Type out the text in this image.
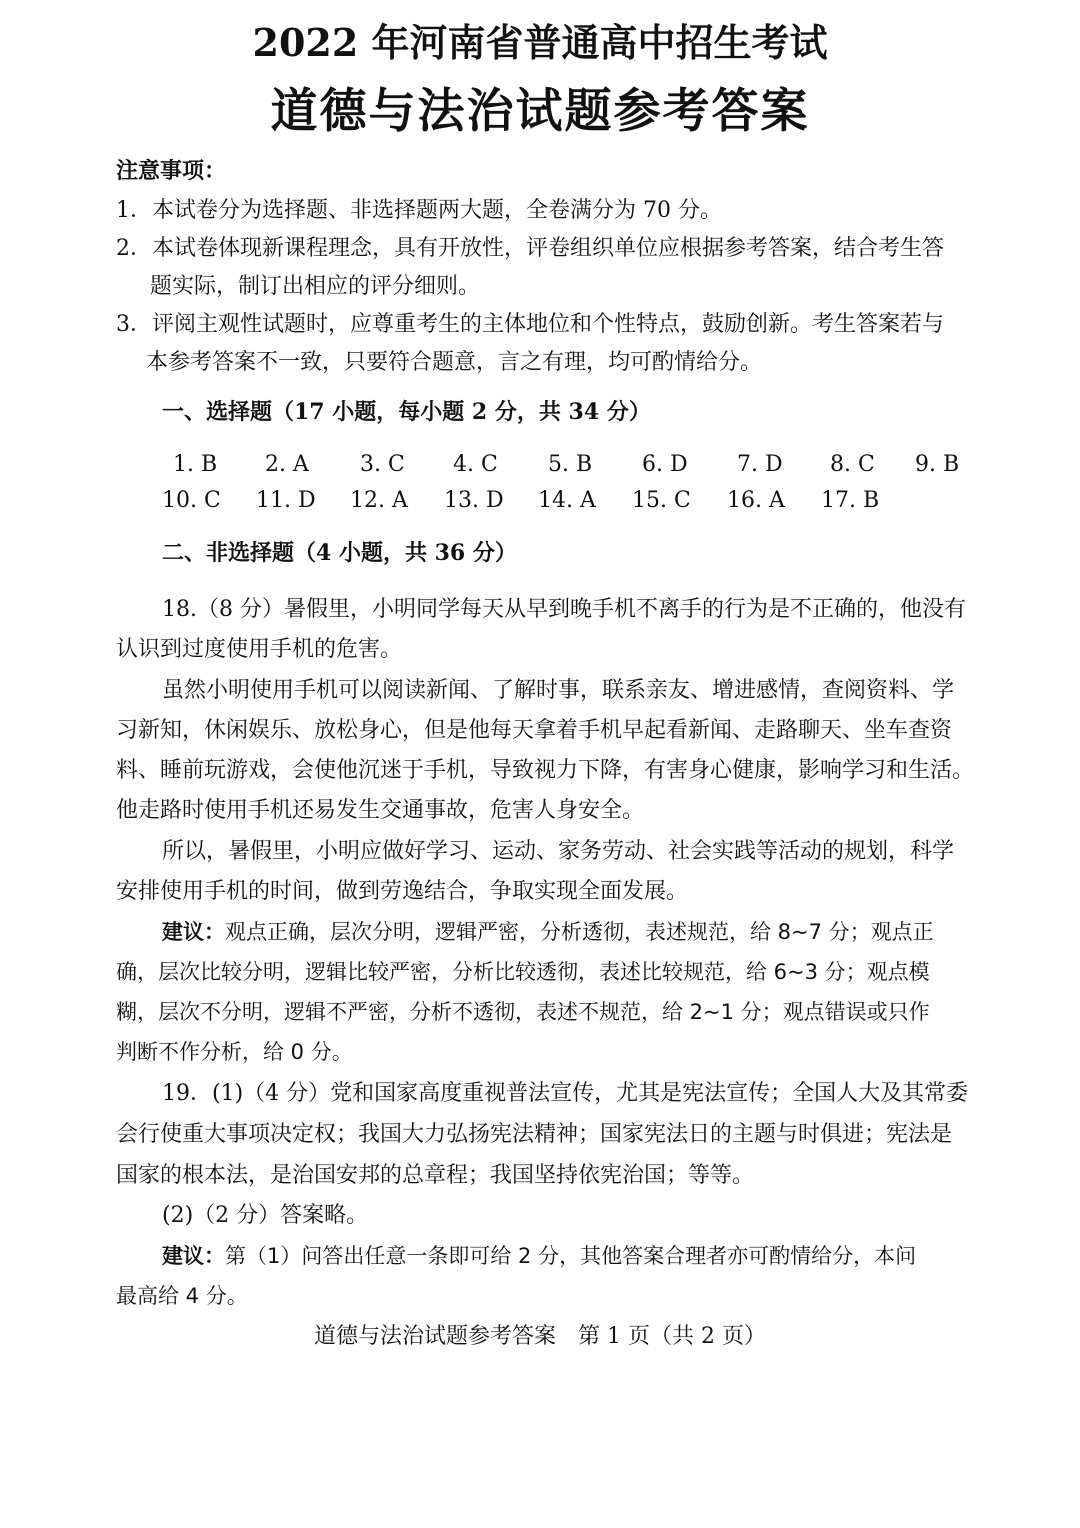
2022 年河南省普通高中招生考试
道德与法治试题参考答案
注意事项：
1．本试卷分为选择题、非选择题两大题，全卷满分为 70 分。
2．本试卷体现新课程理念，具有开放性，评卷组织单位应根据参考答案，结合考生答
题实际，制订出相应的评分细则。
3．评阅主观性试题时，应尊重考生的主体地位和个性特点，鼓励创新。考生答案若与
本参考答案不一致，只要符合题意，言之有理，均可酌情给分。
一、选择题（17 小题，每小题 2 分，共 34 分）
1. B 2. A 3. C 4. C 5. B 6. D 7. D 8. C 9. B
10. C 11. D 12. A 13. D 14. A 15. C 16. A 17. B
二、非选择题（4 小题，共 36 分）
18.（8 分）暑假里，小明同学每天从早到晚手机不离手的行为是不正确的，他没有
认识到过度使用手机的危害。
虽然小明使用手机可以阅读新闻、了解时事，联系亲友、增进感情，查阅资料、学
习新知，休闲娱乐、放松身心，但是他每天拿着手机早起看新闻、走路聊天、坐车查资
料、睡前玩游戏，会使他沉迷于手机，导致视力下降，有害身心健康，影响学习和生活。
他走路时使用手机还易发生交通事故，危害人身安全。
所以，暑假里，小明应做好学习、运动、家务劳动、社会实践等活动的规划，科学
安排使用手机的时间，做到劳逸结合，争取实现全面发展。
建议：观点正确，层次分明，逻辑严密，分析透彻，表述规范，给 8~7 分；观点正
确，层次比较分明，逻辑比较严密，分析比较透彻，表述比较规范，给 6~3 分；观点模
糊，层次不分明，逻辑不严密，分析不透彻，表述不规范，给 2~1 分；观点错误或只作
判断不作分析，给 0 分。
19．(1)（4 分）党和国家高度重视普法宣传，尤其是宪法宣传；全国人大及其常委
会行使重大事项决定权；我国大力弘扬宪法精神；国家宪法日的主题与时俱进；宪法是
国家的根本法，是治国安邦的总章程；我国坚持依宪治国；等等。
(2)（2 分）答案略。
建议：第（1）问答出任意一条即可给 2 分，其他答案合理者亦可酌情给分，本问
最高给 4 分。
道德与法治试题参考答案　第 1 页（共 2 页）
